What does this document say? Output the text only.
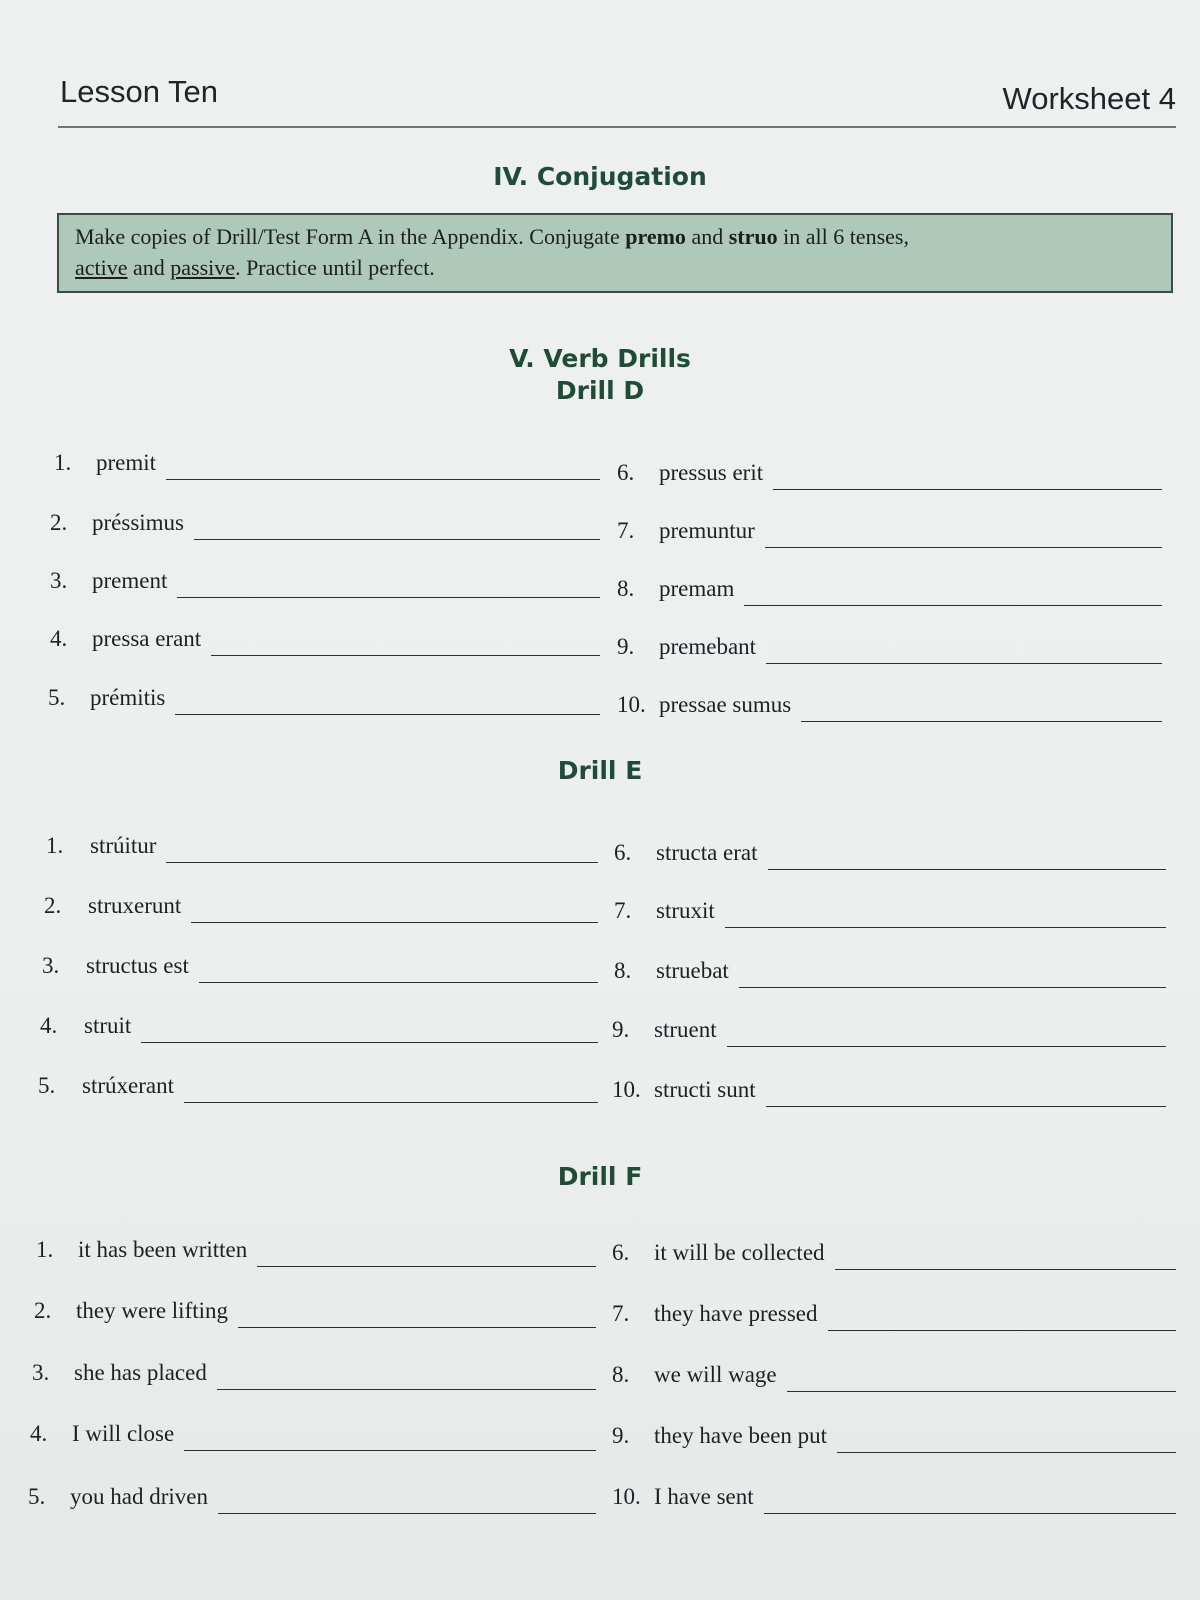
Lesson Ten	Worksheet 4
IV. Conjugation
Make copies of Drill/Test Form A in the Appendix. Conjugate premo and struo in all 6 tenses,
active and passive. Practice until perfect.
V. Verb Drills
Drill D
Drill E
Drill F
1. premit
2. préssimus
3. prement
4. pressa erant
5. prémitis
6. pressus erit
7. premuntur
8. premam
9. premebant
10. pressae sumus
1. strúitur
2. struxerunt
3. structus est
4. struit
5. strúxerant
6. structa erat
7. struxit
8. struebat
9. struent
10. structi sunt
1. it has been written
2. they were lifting
3. she has placed
4. I will close
5. you had driven
6. it will be collected
7. they have pressed
8. we will wage
9. they have been put
10. I have sent
